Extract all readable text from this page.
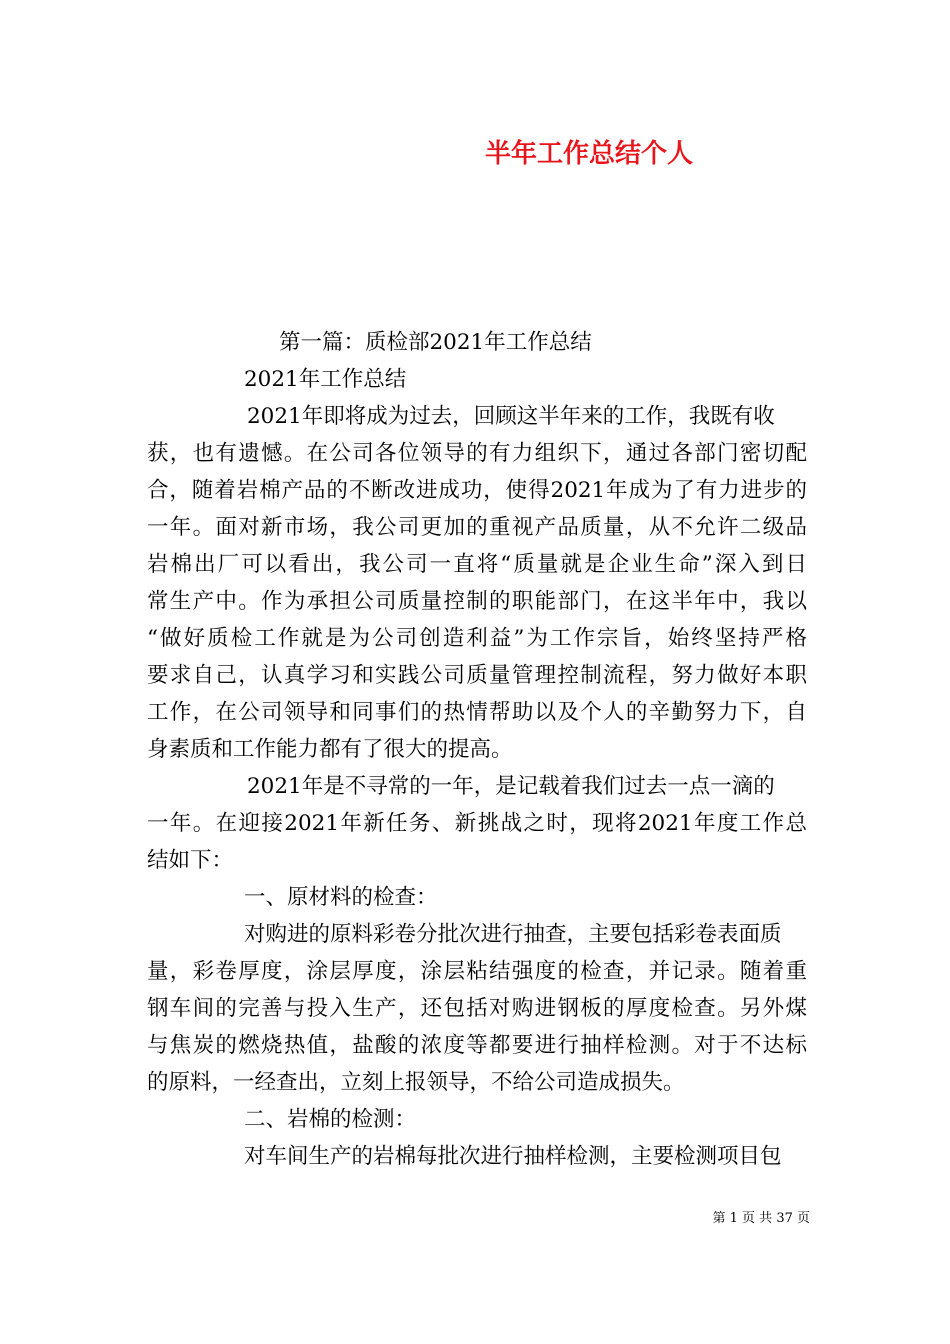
半年工作总结个人
第一篇：质检部2021年工作总结
2021年工作总结
2021年即将成为过去，回顾这半年来的工作，我既有收
获，也有遗憾。在公司各位领导的有力组织下，通过各部门密切配
合，随着岩棉产品的不断改进成功，使得2021年成为了有力进步的
一年。面对新市场，我公司更加的重视产品质量，从不允许二级品
岩棉出厂可以看出，我公司一直将“质量就是企业生命”深入到日
常生产中。作为承担公司质量控制的职能部门，在这半年中，我以
“做好质检工作就是为公司创造利益”为工作宗旨，始终坚持严格
要求自己，认真学习和实践公司质量管理控制流程，努力做好本职
工作，在公司领导和同事们的热情帮助以及个人的辛勤努力下，自
身素质和工作能力都有了很大的提高。
2021年是不寻常的一年，是记载着我们过去一点一滴的
一年。在迎接2021年新任务、新挑战之时，现将2021年度工作总
结如下：
一、原材料的检查：
对购进的原料彩卷分批次进行抽查，主要包括彩卷表面质
量，彩卷厚度，涂层厚度，涂层粘结强度的检查，并记录。随着重
钢车间的完善与投入生产，还包括对购进钢板的厚度检查。另外煤
与焦炭的燃烧热值，盐酸的浓度等都要进行抽样检测。对于不达标
的原料，一经查出，立刻上报领导，不给公司造成损失。
二、岩棉的检测：
对车间生产的岩棉每批次进行抽样检测，主要检测项目包
第 1 页 共 37 页
